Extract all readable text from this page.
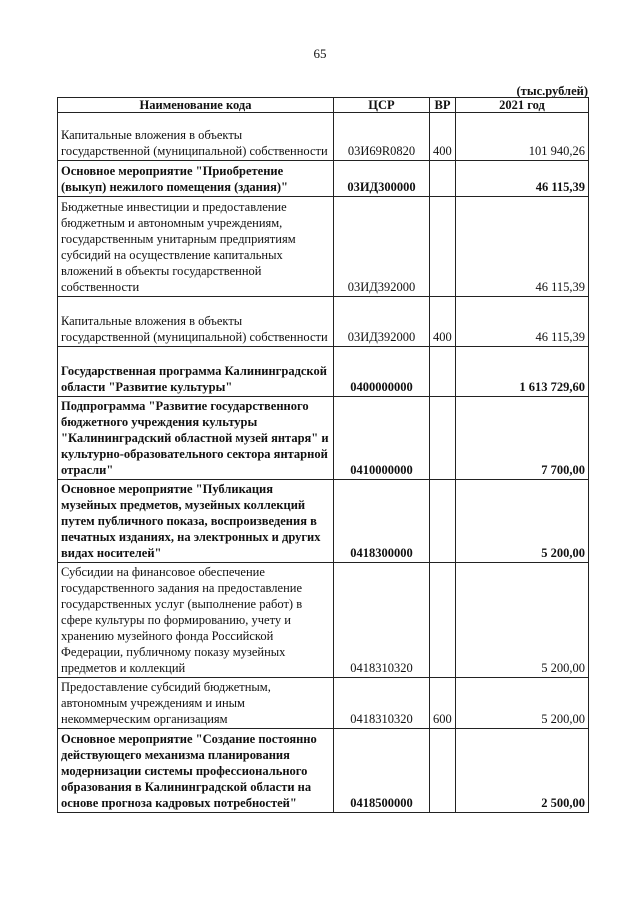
65
(тыс.рублей)
Наименование кода	ЦСР	ВР	2021 год
Капитальные вложения в объекты государственной (муниципальной) собственности	03И69R0820	400	101 940,26
Основное мероприятие "Приобретение (выкуп) нежилого помещения (здания)"	03ИД300000		46 115,39
Бюджетные инвестиции и предоставление бюджетным и автономным учреждениям, государственным унитарным предприятиям субсидий на осуществление капитальных вложений в объекты государственной собственности	03ИД392000		46 115,39
Капитальные вложения в объекты государственной (муниципальной) собственности	03ИД392000	400	46 115,39
Государственная программа Калининградской области "Развитие культуры"	0400000000		1 613 729,60
Подпрограмма "Развитие государственного бюджетного учреждения культуры "Калининградский областной музей янтаря" и культурно-образовательного сектора янтарной отрасли"	0410000000		7 700,00
Основное мероприятие "Публикация музейных предметов, музейных коллекций путем публичного показа, воспроизведения в печатных изданиях, на электронных и других видах носителей"	0418300000		5 200,00
Субсидии на финансовое обеспечение государственного задания на предоставление государственных услуг (выполнение работ) в сфере культуры по формированию, учету и хранению музейного фонда Российской Федерации, публичному показу музейных предметов и коллекций	0418310320		5 200,00
Предоставление субсидий бюджетным, автономным учреждениям и иным некоммерческим организациям	0418310320	600	5 200,00
Основное мероприятие "Создание постоянно действующего механизма планирования модернизации системы профессионального образования в Калининградской области на основе прогноза кадровых потребностей"	0418500000		2 500,00
